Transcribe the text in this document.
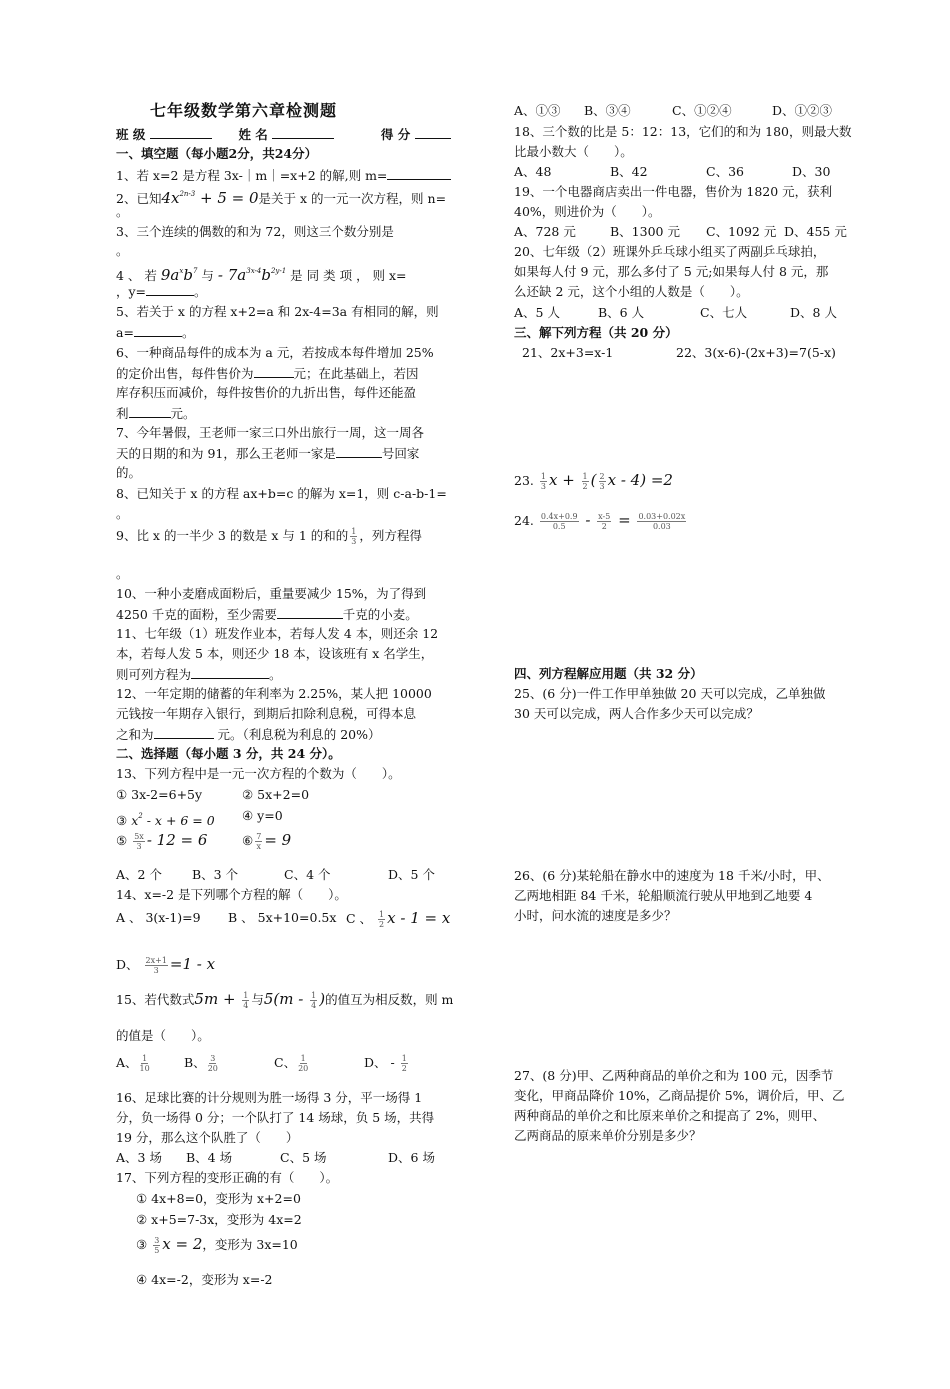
七年级数学第六章检测题
班 级	姓 名	得 分
一、填空题（每小题2分，共24分）
1、若 x=2 是方程 3x-｜m｜=x+2 的解,则 m=
2、已知$4x^{2n-3} + 5 = 0$是关于 x 的一元一次方程，则 n=
。
3、三个连续的偶数的和为 72，则这三个数分别是
。
4 、 若 $9a^xb^7$ 与 - $7a^{3x-4}b^{2y-1}$ 是 同 类 项 ， 则 x=
，y=	。
5、若关于 x 的方程 x+2=a 和 2x-4=3a 有相同的解，则
a=	。
6、一种商品每件的成本为 a 元，若按成本每件增加 25%
的定价出售，每件售价为	元；在此基础上，若因
库存积压而减价，每件按售价的九折出售，每件还能盈
利	元。
7、今年暑假，王老师一家三口外出旅行一周，这一周各
天的日期的和为 91，那么王老师一家是	号回家
的。
8、已知关于 x 的方程 ax+b=c 的解为 x=1，则 c-a-b-1=
。
9、比 x 的一半少 3 的数是 x 与 1 的和的 $\frac{1}{3}$ ，列方程得
。
10、一种小麦磨成面粉后，重量要减少 15%，为了得到
4250 千克的面粉，至少需要	千克的小麦。
11、七年级（1）班发作业本，若每人发 4 本，则还余 12
本，若每人发 5 本，则还少 18 本，设该班有 x 名学生，
则可列方程为	。
12、一年定期的储蓄的年利率为 2.25%，某人把 10000
元钱按一年期存入银行，到期后扣除利息税，可得本息
之和为	元。（利息税为利息的 20%）
二、选择题（每小题 3 分，共 24 分）。
13、下列方程中是一元一次方程的个数为（　　）。
① 3x-2=6+5y	② 5x+2=0
③ $x^2 - x + 6 = 0$ ④ y=0
⑤ $\frac{5x}{3} - 12 = 6$	⑥ $\frac{7}{x} = 9$
A、2 个 B、3 个	C、4 个	D、5 个
14、x=-2 是下列哪个方程的解（　　）。
A 、 3(x-1)=9 B 、 5x+10=0.5x C 、 $\frac{1}{2}$ x - 1 = x
D、 $\frac{2x+1}{3} =1 - x$
15、若代数式$5m + \frac{1}{4}$ 与$5(m - \frac{1}{4}$ )的值互为相反数，则 m
的值是（　　）。
A、 $\frac{1}{10}$	B、 $\frac{3}{20}$	C、 $\frac{1}{20}$	D、 - $\frac{1}{2}$
16、足球比赛的计分规则为胜一场得 3 分，平一场得 1
分，负一场得 0 分；一个队打了 14 场球，负 5 场，共得
19 分，那么这个队胜了（　　）
A、3 场 B、4 场	C、5 场	D、6 场
17、下列方程的变形正确的有（　　）。
① 4x+8=0，变形为 x+2=0
② x+5=7-3x，变形为 4x=2
③ $\frac{3}{5}$ x = 2，变形为 3x=10
④ 4x=-2，变形为 x=-2
A、①③ B、③④	C、①②④	D、①②③
18、三个数的比是 5：12：13，它们的和为 180，则最大数
比最小数大（　　）。
A、48	B、42	C、36	D、30
19、一个电器商店卖出一件电器，售价为 1820 元，获利
40%，则进价为（　　）。
A、728 元	B、1300 元 C、1092 元 D、455 元
20、七年级（2）班课外乒乓球小组买了两副乒乓球拍，
如果每人付 9 元，那么多付了 5 元;如果每人付 8 元，那
么还缺 2 元，这个小组的人数是（　　）。
A、5 人	B、6 人	C、七人	D、8 人
三、解下列方程（共 20 分）
21、2x+3=x-1	22、3(x-6)-(2x+3)=7(5-x)
23. $\frac{1}{3}$ $x + \frac{1}{2}$ ( $\frac{2}{3}$ x - 4) =2
24. $\frac{0.4x+0.9}{0.5} - \frac{x-5}{2} = \frac{0.03+0.02x}{0.03}$
四、列方程解应用题（共 32 分）
25、(6 分)一件工作甲单独做 20 天可以完成，乙单独做
30 天可以完成，两人合作多少天可以完成？
26、(6 分)某轮船在静水中的速度为 18 千米/小时，甲、
乙两地相距 84 千米，轮船顺流行驶从甲地到乙地要 4
小时，问水流的速度是多少？
27、(8 分)甲、乙两种商品的单价之和为 100 元，因季节
变化，甲商品降价 10%，乙商品提价 5%，调价后，甲、乙
两种商品的单价之和比原来单价之和提高了 2%，则甲、
乙两商品的原来单价分别是多少？
